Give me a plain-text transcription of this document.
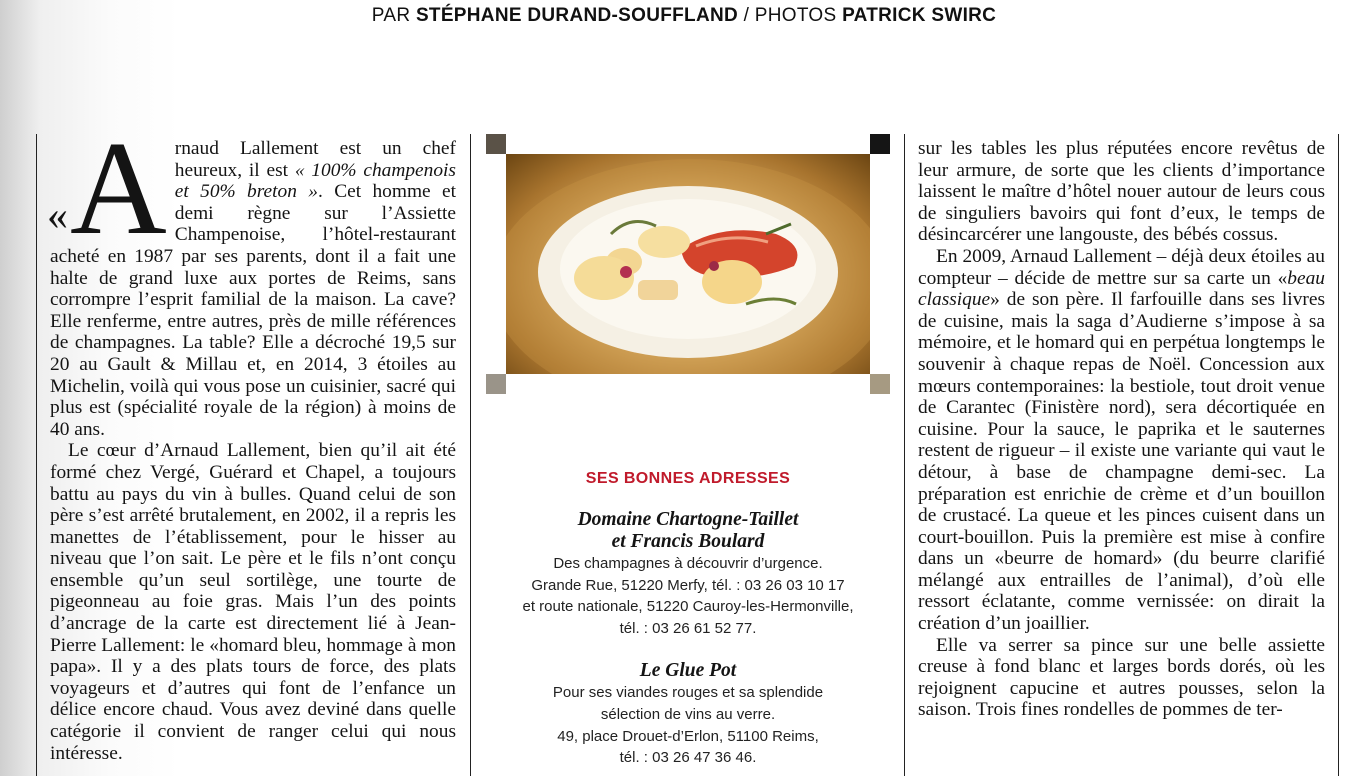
PAR STÉPHANE DURAND-SOUFFLAND / PHOTOS PATRICK SWIRC

«A rnaud Lallement est un chef heureux, il est « 100% champenois et 50% breton ». Cet homme et demi règne sur l’Assiette Champenoise, l’hôtel-restaurant acheté en 1987 par ses parents, dont il a fait une halte de grand luxe aux portes de Reims, sans corrompre l’esprit familial de la maison. La cave? Elle renferme, entre autres, près de mille références de champagnes. La table? Elle a décroché 19,5 sur 20 au Gault & Millau et, en 2014, 3 étoiles au Michelin, voilà qui vous pose un cuisinier, sacré qui plus est (spécialité royale de la région) à moins de 40 ans.

Le cœur d’Arnaud Lallement, bien qu’il ait été formé chez Vergé, Guérard et Chapel, a toujours battu au pays du vin à bulles. Quand celui de son père s’est arrêté brutalement, en 2002, il a repris les manettes de l’établissement, pour le hisser au niveau que l’on sait. Le père et le fils n’ont conçu ensemble qu’un seul sortilège, une tourte de pigeonneau au foie gras. Mais l’un des points d’ancrage de la carte est directement lié à Jean-Pierre Lallement: le «homard bleu, hommage à mon papa». Il y a des plats tours de force, des plats voyageurs et d’autres qui font de l’enfance un délice encore chaud. Vous avez deviné dans quelle catégorie il convient de ranger celui qui nous intéresse.

SES BONNES ADRESSES
Domaine Chartogne-Taillet
et Francis Boulard
Des champagnes à découvrir d’urgence.
Grande Rue, 51220 Merfy, tél. : 03 26 03 10 17
et route nationale, 51220 Cauroy-les-Hermonville,
tél. : 03 26 61 52 77.
Le Glue Pot
Pour ses viandes rouges et sa splendide
sélection de vins au verre.
49, place Drouet-d’Erlon, 51100 Reims,
tél. : 03 26 47 36 46.

sur les tables les plus réputées encore revêtus de leur armure, de sorte que les clients d’importance laissent le maître d’hôtel nouer autour de leurs cous de singuliers bavoirs qui font d’eux, le temps de désincarcérer une langouste, des bébés cossus.

En 2009, Arnaud Lallement – déjà deux étoiles au compteur – décide de mettre sur sa carte un «beau classique» de son père. Il farfouille dans ses livres de cuisine, mais la saga d’Audierne s’impose à sa mémoire, et le homard qui en perpétua longtemps le souvenir à chaque repas de Noël. Concession aux mœurs contemporaines: la bestiole, tout droit venue de Carantec (Finistère nord), sera décortiquée en cuisine. Pour la sauce, le paprika et le sauternes restent de rigueur – il existe une variante qui vaut le détour, à base de champagne demi-sec. La préparation est enrichie de crème et d’un bouillon de crustacé. La queue et les pinces cuisent dans un court-bouillon. Puis la première est mise à confire dans un «beurre de homard» (du beurre clarifié mélangé aux entrailles de l’animal), d’où elle ressort éclatante, comme vernissée: on dirait la création d’un joaillier.

Elle va serrer sa pince sur une belle assiette creuse à fond blanc et larges bords dorés, où les rejoignent capucine et autres pousses, selon la saison. Trois fines rondelles de pommes de ter-
